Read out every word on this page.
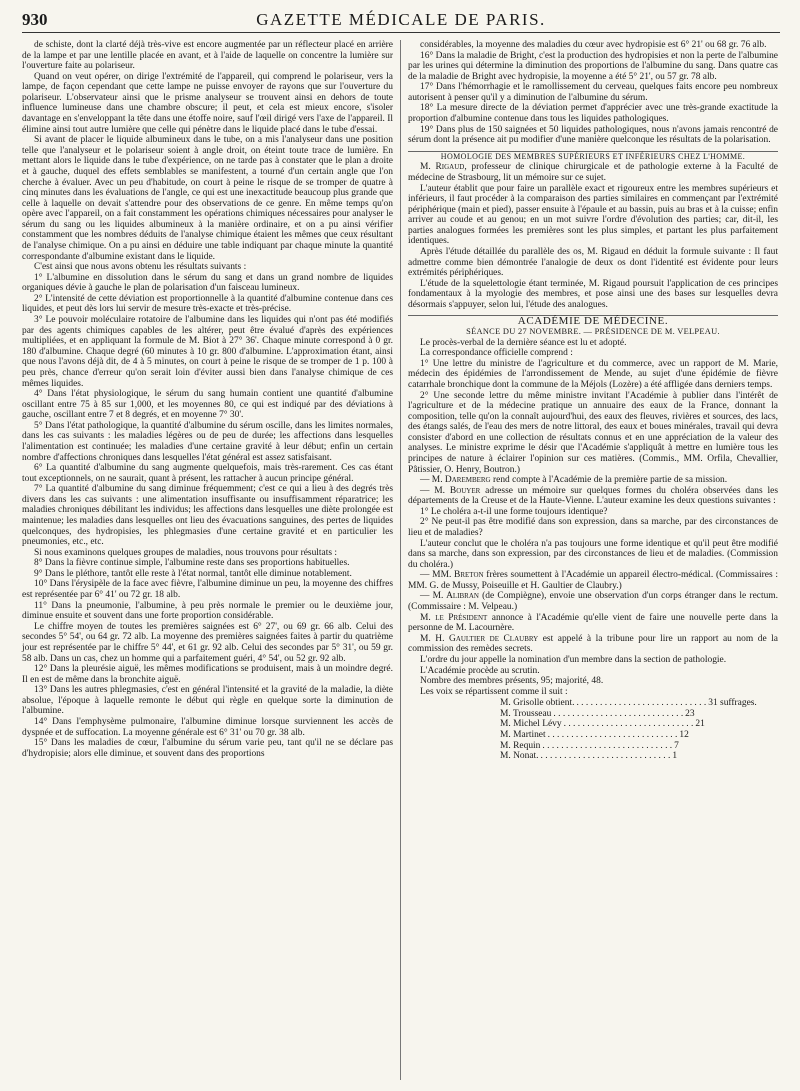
930	GAZETTE MÉDICALE DE PARIS.

de schiste, dont la clarté déjà très-vive est encore augmentée par un réflecteur placé en arrière de la lampe et par une lentille placée en avant, et à l'aide de laquelle on concentre la lumière sur l'ouverture faite au polariseur.

Quand on veut opérer, on dirige l'extrémité de l'appareil, qui comprend le polariseur, vers la lampe, de façon cependant que cette lampe ne puisse envoyer de rayons que sur l'ouverture du polariseur. L'observateur ainsi que le prisme analyseur se trouvent ainsi en dehors de toute influence lumineuse dans une chambre obscure; il peut, et cela est mieux encore, s'isoler davantage en s'enveloppant la tête dans une étoffe noire, sauf l'œil dirigé vers l'axe de l'appareil. Il élimine ainsi tout autre lumière que celle qui pénètre dans le liquide placé dans le tube d'essai.

Si avant de placer le liquide albumineux dans le tube, on a mis l'analyseur dans une position telle que l'analyseur et le polariseur soient à angle droit, on éteint toute trace de lumière. En mettant alors le liquide dans le tube d'expérience, on ne tarde pas à constater que le plan a droite et à gauche, duquel des effets semblables se manifestent, a tourné d'un certain angle que l'on cherche à évaluer. Avec un peu d'habitude, on court à peine le risque de se tromper de quatre à cinq minutes dans les évaluations de l'angle, ce qui est une inexactitude beaucoup plus grande que celle à laquelle on devait s'attendre pour des observations de ce genre. En même temps qu'on opère avec l'appareil, on a fait constamment les opérations chimiques nécessaires pour analyser le sérum du sang ou les liquides albumineux à la manière ordinaire, et on a pu ainsi vérifier constamment que les nombres déduits de l'analyse chimique étaient les mêmes que ceux résultant de l'analyse chimique. On a pu ainsi en déduire une table indiquant par chaque minute la quantité correspondante d'albumine existant dans le liquide.

C'est ainsi que nous avons obtenu les résultats suivants :

1° L'albumine en dissolution dans le sérum du sang et dans un grand nombre de liquides organiques dévie à gauche le plan de polarisation d'un faisceau lumineux.

2° L'intensité de cette déviation est proportionnelle à la quantité d'albumine contenue dans ces liquides, et peut dès lors lui servir de mesure très-exacte et très-précise.

3° Le pouvoir moléculaire rotatoire de l'albumine dans les liquides qui n'ont pas été modifiés par des agents chimiques capables de les altérer, peut être évalué d'après des expériences multipliées, et en appliquant la formule de M. Biot à 27° 36'. Chaque minute correspond à 0 gr. 180 d'albumine. Chaque degré (60 minutes à 10 gr. 800 d'albumine. L'approximation étant, ainsi que nous l'avons déjà dit, de 4 à 5 minutes, on court à peine le risque de se tromper de 1 p. 100 à peu près, chance d'erreur qu'on serait loin d'éviter aussi bien dans l'analyse chimique de ces mêmes liquides.

4° Dans l'état physiologique, le sérum du sang humain contient une quantité d'albumine oscillant entre 75 à 85 sur 1,000, et les moyennes 80, ce qui est indiqué par des déviations à gauche, oscillant entre 7 et 8 degrés, et en moyenne 7° 30'.

5° Dans l'état pathologique, la quantité d'albumine du sérum oscille, dans les limites normales, dans les cas suivants : les maladies légères ou de peu de durée; les affections dans lesquelles l'alimentation est continuée; les maladies d'une certaine gravité à leur début; enfin un certain nombre d'affections chroniques dans lesquelles l'état général est assez satisfaisant.

6° La quantité d'albumine du sang augmente quelquefois, mais très-rarement. Ces cas étant tout exceptionnels, on ne saurait, quant à présent, les rattacher à aucun principe général.

7° La quantité d'albumine du sang diminue fréquemment; c'est ce qui a lieu à des degrés très divers dans les cas suivants : une alimentation insuffisante ou insuffisamment réparatrice; les maladies chroniques débilitant les individus; les affections dans lesquelles une diète prolongée est maintenue; les maladies dans lesquelles ont lieu des évacuations sanguines, des pertes de liquides quelconques, des hydropisies, les phlegmasies d'une certaine gravité et en particulier les pneumonies, etc., etc.

Si nous examinons quelques groupes de maladies, nous trouvons pour résultats :

8° Dans la fièvre continue simple, l'albumine reste dans ses proportions habituelles.

9° Dans le pléthore, tantôt elle reste à l'état normal, tantôt elle diminue notablement.

10° Dans l'érysipèle de la face avec fièvre, l'albumine diminue un peu, la moyenne des chiffres est représentée par 6° 41' ou 72 gr. 18 alb.

11° Dans la pneumonie, l'albumine, à peu près normale le premier ou le deuxième jour, diminue ensuite et souvent dans une forte proportion considérable.

Le chiffre moyen de toutes les premières saignées est 6° 27', ou 69 gr. 66 alb. Celui des secondes 5° 54', ou 64 gr. 72 alb. La moyenne des premières saignées faites à partir du quatrième jour est représentée par le chiffre 5° 44', et 61 gr. 92 alb. Celui des secondes par 5° 31', ou 59 gr. 58 alb. Dans un cas, chez un homme qui a parfaitement guéri, 4° 54', ou 52 gr. 92 alb.

12° Dans la pleurésie aiguë, les mêmes modifications se produisent, mais à un moindre degré. Il en est de même dans la bronchite aiguë.

13° Dans les autres phlegmasies, c'est en général l'intensité et la gravité de la maladie, la diète absolue, l'époque à laquelle remonte le début qui règle en quelque sorte la diminution de l'albumine.

14° Dans l'emphysème pulmonaire, l'albumine diminue lorsque surviennent les accès de dyspnée et de suffocation. La moyenne générale est 6° 31' ou 70 gr. 38 alb.

15° Dans les maladies de cœur, l'albumine du sérum varie peu, tant qu'il ne se déclare pas d'hydropisie; alors elle diminue, et souvent dans des proportions

considérables, la moyenne des maladies du cœur avec hydropisie est 6° 21' ou 68 gr. 76 alb.

16° Dans la maladie de Bright, c'est la production des hydropisies et non la perte de l'albumine par les urines qui détermine la diminution des proportions de l'albumine du sang. Dans quatre cas de la maladie de Bright avec hydropisie, la moyenne a été 5° 21', ou 57 gr. 78 alb.

17° Dans l'hémorrhagie et le ramollissement du cerveau, quelques faits encore peu nombreux autorisent à penser qu'il y a diminution de l'albumine du sérum.

18° La mesure directe de la déviation permet d'apprécier avec une très-grande exactitude la proportion d'albumine contenue dans tous les liquides pathologiques.

19° Dans plus de 150 saignées et 50 liquides pathologiques, nous n'avons jamais rencontré de sérum dont la présence ait pu modifier d'une manière quelconque les résultats de la polarisation.

HOMOLOGIE DES MEMBRES SUPÉRIEURS ET INFÉRIEURS CHEZ L'HOMME.

M. Rigaud, professeur de clinique chirurgicale et de pathologie externe à la Faculté de médecine de Strasbourg, lit un mémoire sur ce sujet.

L'auteur établit que pour faire un parallèle exact et rigoureux entre les membres supérieurs et inférieurs, il faut procéder à la comparaison des parties similaires en commençant par l'extrémité périphérique (main et pied), passer ensuite à l'épaule et au bassin, puis au bras et à la cuisse; enfin arriver au coude et au genou; en un mot suivre l'ordre d'évolution des parties; car, dit-il, les parties analogues formées les premières sont les plus simples, et partant les plus parfaitement identiques.

Après l'étude détaillée du parallèle des os, M. Rigaud en déduit la formule suivante : Il faut admettre comme bien démontrée l'analogie de deux os dont l'identité est évidente pour leurs extrémités périphériques.

L'étude de la squelettologie étant terminée, M. Rigaud poursuit l'application de ces principes fondamentaux à la myologie des membres, et pose ainsi une des bases sur lesquelles devra désormais s'appuyer, selon lui, l'étude des analogues.

ACADÉMIE DE MÉDECINE.

SÉANCE DU 27 NOVEMBRE. — PRÉSIDENCE DE M. VELPEAU.

Le procès-verbal de la dernière séance est lu et adopté.

La correspondance officielle comprend :

1° Une lettre du ministre de l'agriculture et du commerce, avec un rapport de M. Marie, médecin des épidémies de l'arrondissement de Mende, au sujet d'une épidémie de fièvre catarrhale bronchique dont la commune de la Méjols (Lozère) a été affligée dans derniers temps.

2° Une seconde lettre du même ministre invitant l'Académie à publier dans l'intérêt de l'agriculture et de la médecine pratique un annuaire des eaux de la France, donnant la composition, telle qu'on la connaît aujourd'hui, des eaux des fleuves, rivières et sources, des lacs, des étangs salés, de l'eau des mers de notre littoral, des eaux et boues minérales, travail qui devra consister d'abord en une collection de résultats connus et en une appréciation de la valeur des analyses. Le ministre exprime le désir que l'Académie s'appliquât à mettre en lumière tous les principes de nature à éclairer l'opinion sur ces matières. (Commis., MM. Orfila, Chevallier, Pâtissier, O. Henry, Boutron.)

— M. Daremberg rend compte à l'Académie de la première partie de sa mission.

— M. Bouyer adresse un mémoire sur quelques formes du choléra observées dans les départements de la Creuse et de la Haute-Vienne. L'auteur examine les deux questions suivantes :

1° Le choléra a-t-il une forme toujours identique?

2° Ne peut-il pas être modifié dans son expression, dans sa marche, par des circonstances de lieu et de maladies?

L'auteur conclut que le choléra n'a pas toujours une forme identique et qu'il peut être modifié dans sa marche, dans son expression, par des circonstances de lieu et de maladies. (Commission du choléra.)

— MM. Breton frères soumettent à l'Académie un appareil électro-médical. (Commissaires : MM. G. de Mussy, Poiseuille et H. Gaultier de Claubry.)

— M. Alibran (de Compiègne), envoie une observation d'un corps étranger dans le rectum. (Commissaire : M. Velpeau.)

M. le Président annonce à l'Académie qu'elle vient de faire une nouvelle perte dans la personne de M. Lacournère.

M. H. Gaultier de Claubry est appelé à la tribune pour lire un rapport au nom de la commission des remèdes secrets.

L'ordre du jour appelle la nomination d'un membre dans la section de pathologie.

L'Académie procède au scrutin.

Nombre des membres présents, 95; majorité, 48.

Les voix se répartissent comme il suit :

M. Grisolle obtient. . . . . . . . . . . . . . . . . . . . . . . . . . . . . 31 suffrages.
M. Trousseau . . . . . . . . . . . . . . . . . . . . . . . . . . . . 23
M. Michel Lévy . . . . . . . . . . . . . . . . . . . . . . . . . . . . 21
M. Martinet . . . . . . . . . . . . . . . . . . . . . . . . . . . . 12
M. Requin . . . . . . . . . . . . . . . . . . . . . . . . . . . . 7
M. Nonat. . . . . . . . . . . . . . . . . . . . . . . . . . . . . 1
